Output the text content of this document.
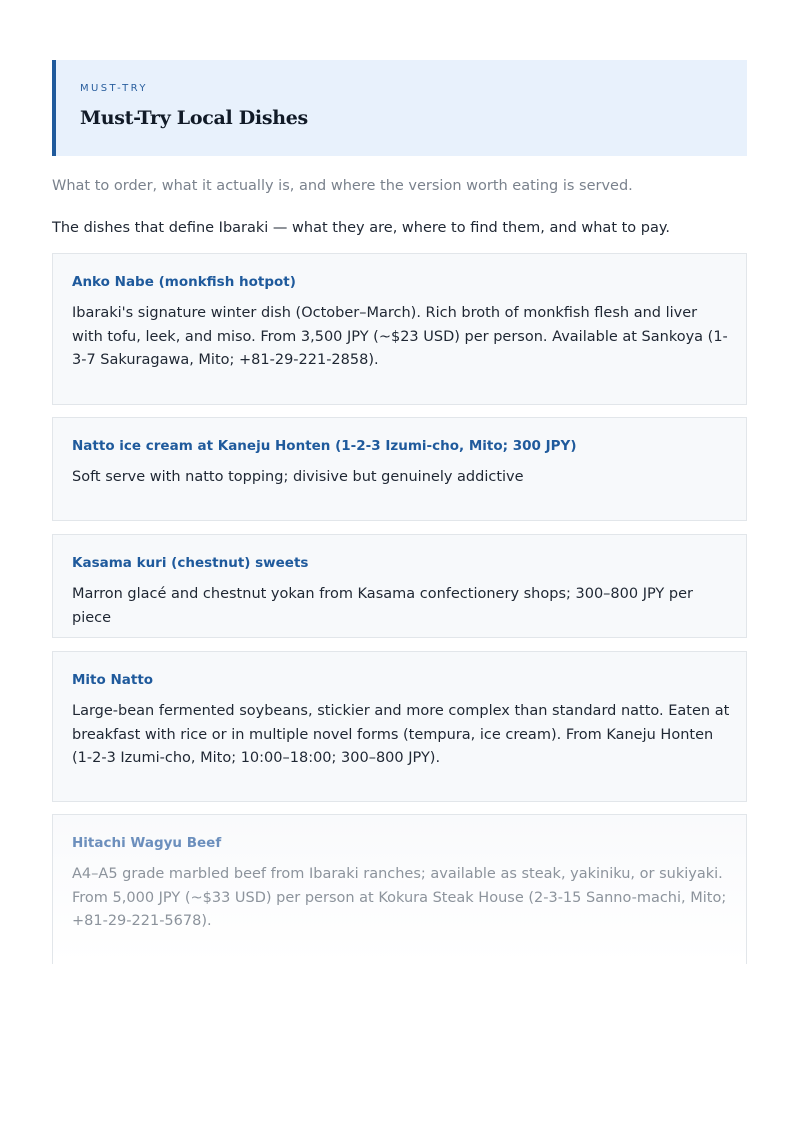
MUST-TRY
Must-Try Local Dishes

What to order, what it actually is, and where the version worth eating is served.

The dishes that define Ibaraki — what they are, where to find them, and what to pay.

Anko Nabe (monkfish hotpot)
Ibaraki's signature winter dish (October–March). Rich broth of monkfish flesh and liver with tofu, leek, and miso. From 3,500 JPY (~$23 USD) per person. Available at Sankoya (1-3-7 Sakuragawa, Mito; +81-29-221-2858).
Natto ice cream at Kaneju Honten (1-2-3 Izumi-cho, Mito; 300 JPY)
Soft serve with natto topping; divisive but genuinely addictive
Kasama kuri (chestnut) sweets
Marron glacé and chestnut yokan from Kasama confectionery shops; 300–800 JPY per piece
Mito Natto
Large-bean fermented soybeans, stickier and more complex than standard natto. Eaten at breakfast with rice or in multiple novel forms (tempura, ice cream). From Kaneju Honten (1-2-3 Izumi-cho, Mito; 10:00–18:00; 300–800 JPY).
Hitachi Wagyu Beef
A4–A5 grade marbled beef from Ibaraki ranches; available as steak, yakiniku, or sukiyaki. From 5,000 JPY (~$33 USD) per person at Kokura Steak House (2-3-15 Sanno-machi, Mito; +81-29-221-5678).
